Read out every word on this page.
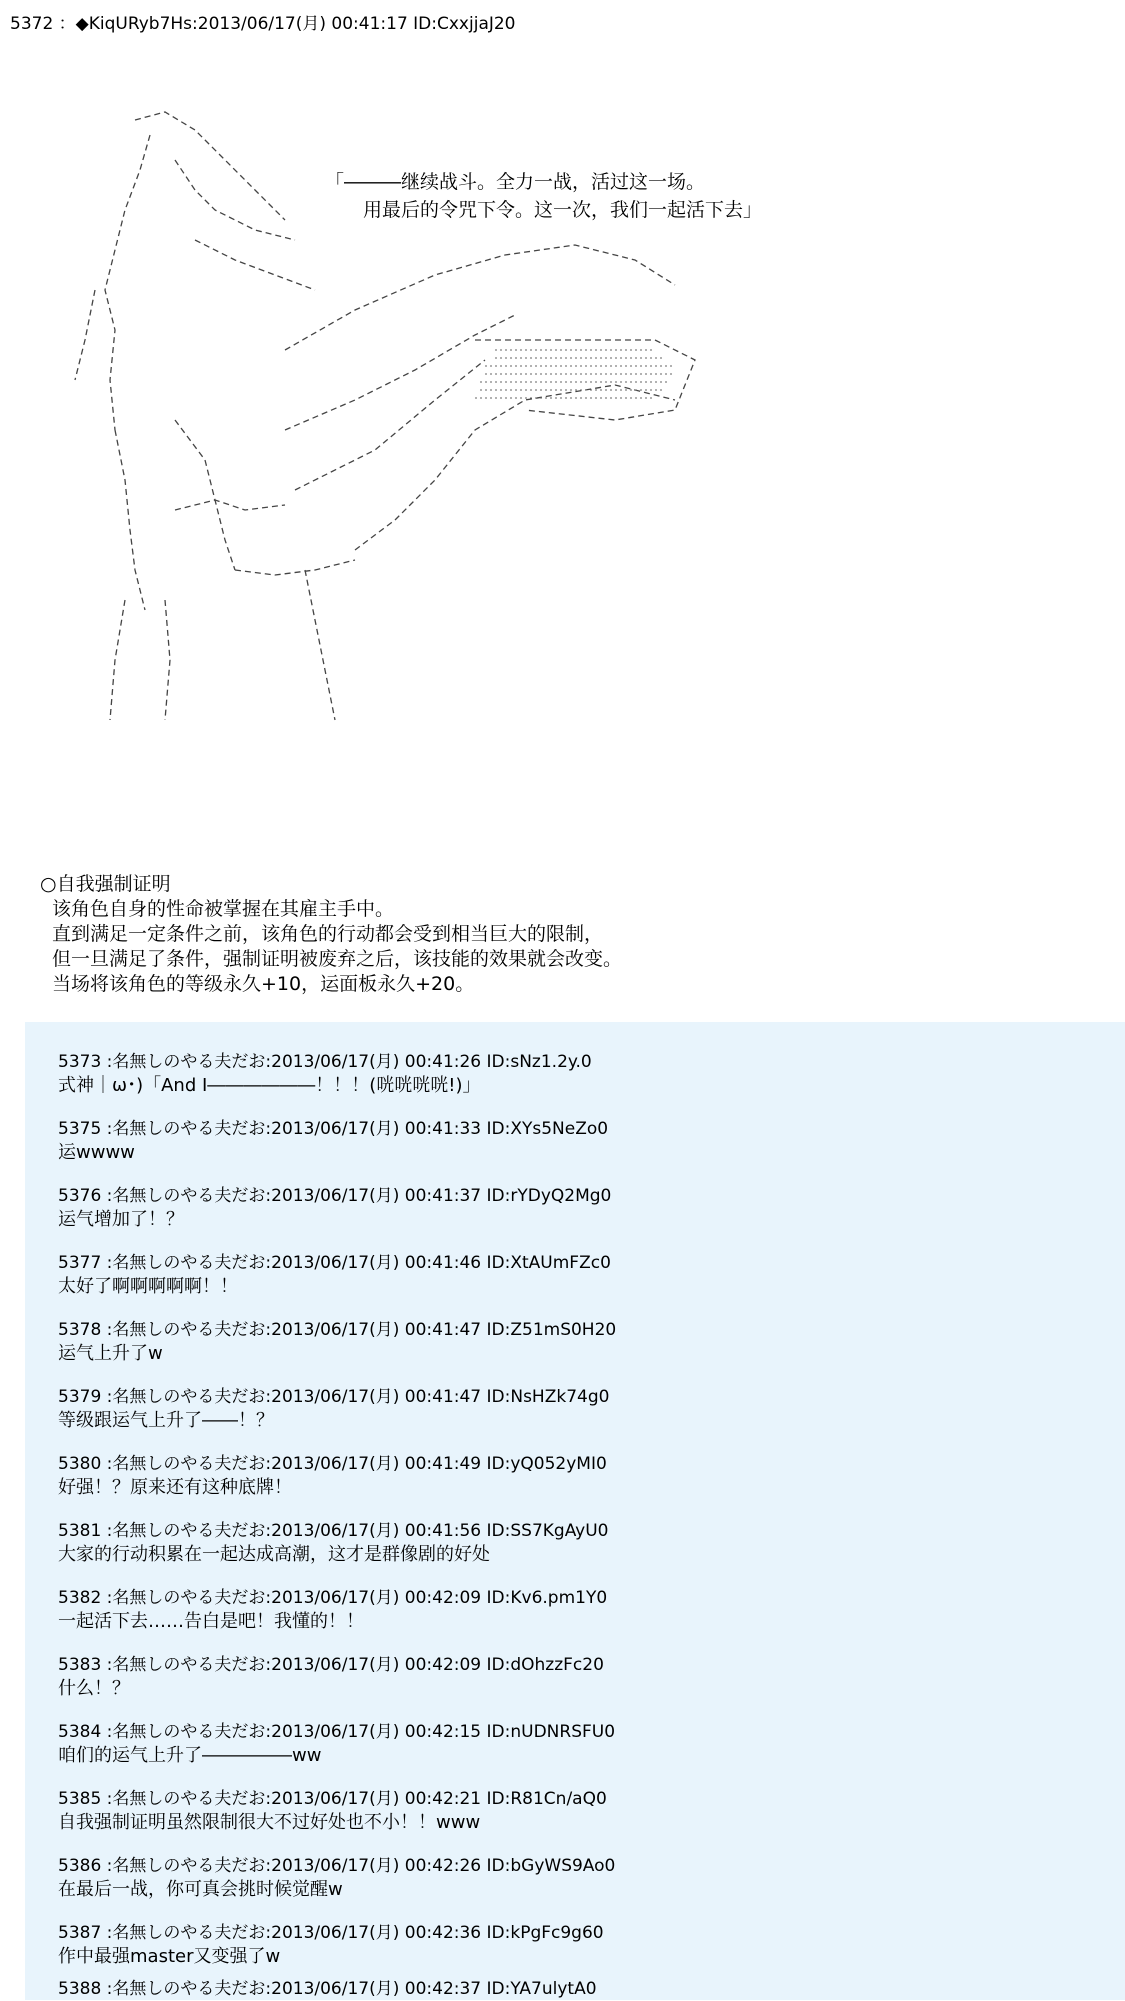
5372 ：◆KiqURyb7Hs:2013/06/17(月) 00:41:17 ID:CxxjjaJ20
「―――继续战斗。全力一战，活过这一场。
　　用最后的令咒下令。这一次，我们一起活下去」
○自我强制证明
该角色自身的性命被掌握在其雇主手中。
直到满足一定条件之前，该角色的行动都会受到相当巨大的限制，
但一旦满足了条件，强制证明被废弃之后，该技能的效果就会改变。
当场将该角色的等级永久+10，运面板永久+20。
5373 :名無しのやる夫だお:2013/06/17(月) 00:41:26 ID:sNz1.2y.0
式神｜ω･)「And I――――――！！！(咣咣咣咣!)」
5375 :名無しのやる夫だお:2013/06/17(月) 00:41:33 ID:XYs5NeZo0
运wwww
5376 :名無しのやる夫だお:2013/06/17(月) 00:41:37 ID:rYDyQ2Mg0
运气增加了！？
5377 :名無しのやる夫だお:2013/06/17(月) 00:41:46 ID:XtAUmFZc0
太好了啊啊啊啊啊！！
5378 :名無しのやる夫だお:2013/06/17(月) 00:41:47 ID:Z51mS0H20
运气上升了w
5379 :名無しのやる夫だお:2013/06/17(月) 00:41:47 ID:NsHZk74g0
等级跟运气上升了――！？
5380 :名無しのやる夫だお:2013/06/17(月) 00:41:49 ID:yQ052yMI0
好强！？原来还有这种底牌！
5381 :名無しのやる夫だお:2013/06/17(月) 00:41:56 ID:SS7KgAyU0
大家的行动积累在一起达成高潮，这才是群像剧的好处
5382 :名無しのやる夫だお:2013/06/17(月) 00:42:09 ID:Kv6.pm1Y0
一起活下去……告白是吧！我懂的！！
5383 :名無しのやる夫だお:2013/06/17(月) 00:42:09 ID:dOhzzFc20
什么！？
5384 :名無しのやる夫だお:2013/06/17(月) 00:42:15 ID:nUDNRSFU0
咱们的运气上升了―――――ww
5385 :名無しのやる夫だお:2013/06/17(月) 00:42:21 ID:R81Cn/aQ0
自我强制证明虽然限制很大不过好处也不小！！www
5386 :名無しのやる夫だお:2013/06/17(月) 00:42:26 ID:bGyWS9Ao0
在最后一战，你可真会挑时候觉醒w
5387 :名無しのやる夫だお:2013/06/17(月) 00:42:36 ID:kPgFc9g60
作中最强master又变强了w
5388 :名無しのやる夫だお:2013/06/17(月) 00:42:37 ID:YA7ulytA0
